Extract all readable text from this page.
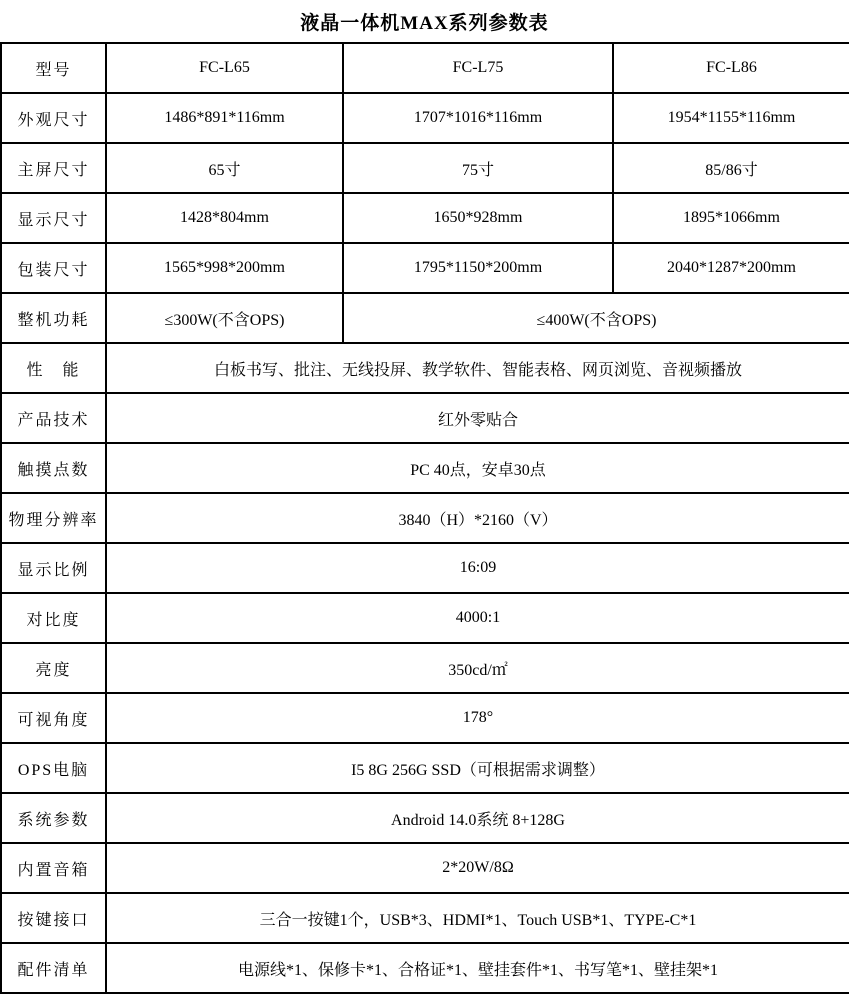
液晶一体机MAX系列参数表
型号	FC-L65	FC-L75	FC-L86
外观尺寸	1486*891*116mm	1707*1016*116mm	1954*1155*116mm
主屏尺寸	65寸	75寸	85/86寸
显示尺寸	1428*804mm	1650*928mm	1895*1066mm
包装尺寸	1565*998*200mm	1795*1150*200mm	2040*1287*200mm
整机功耗	≤300W(不含OPS)	≤400W(不含OPS)	
性　能	白板书写、批注、无线投屏、教学软件、智能表格、网页浏览、音视频播放		
产品技术	红外零贴合		
触摸点数	PC 40点，安卓30点		
物理分辨率	3840（H）*2160（V）		
显示比例	16:09		
对比度	4000:1		
亮度	350cd/㎡		
可视角度	178°		
OPS电脑	I5 8G 256G SSD（可根据需求调整）		
系统参数	Android 14.0系统 8+128G		
内置音箱	2*20W/8Ω		
按键接口	三合一按键1个，USB*3、HDMI*1、Touch USB*1、TYPE-C*1		
配件清单	电源线*1、保修卡*1、合格证*1、壁挂套件*1、书写笔*1、壁挂架*1		
